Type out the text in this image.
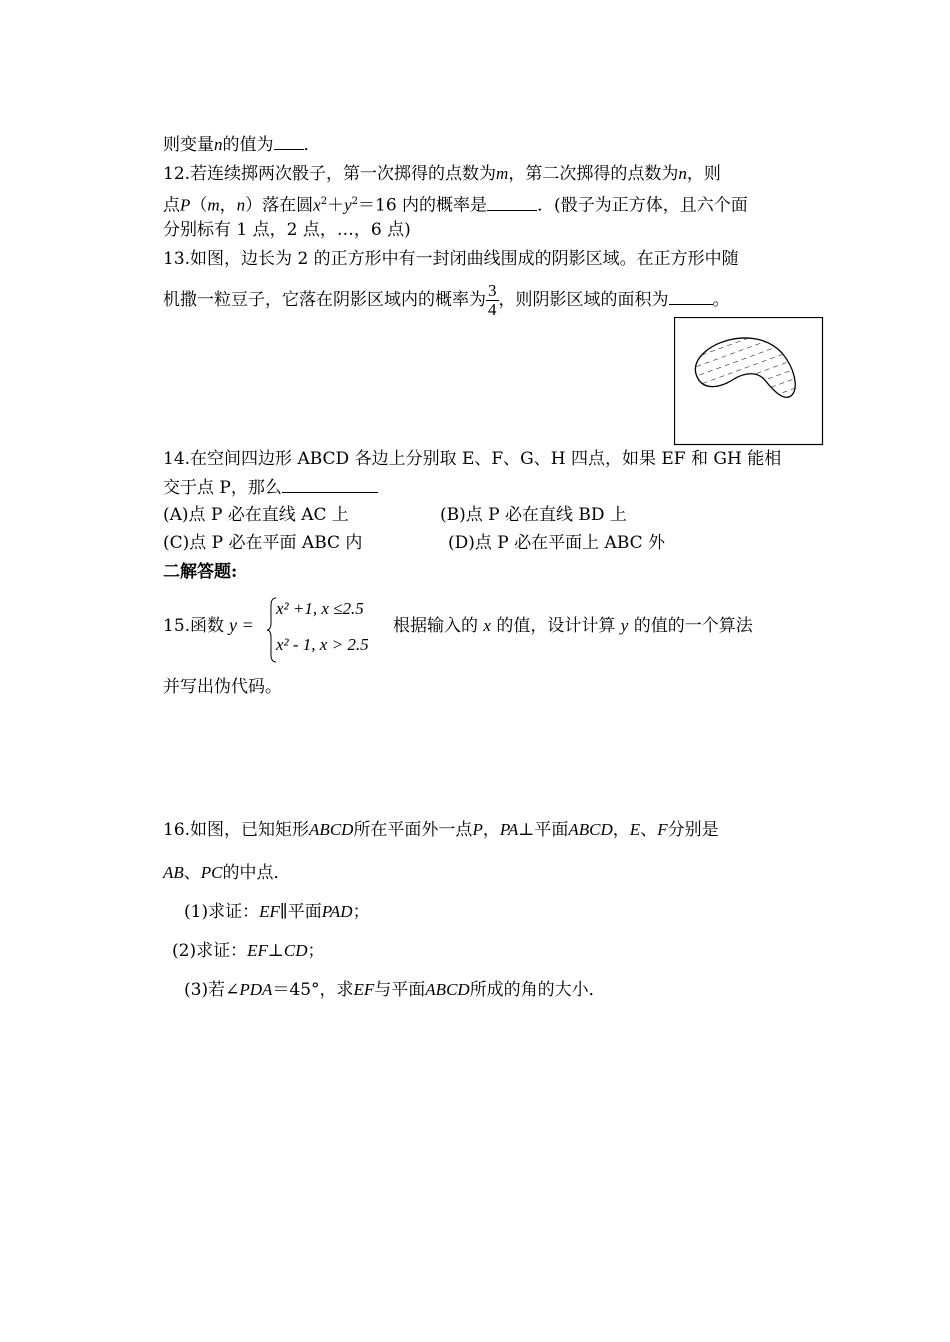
则变量n的值为 ．
12.若连续掷两次骰子，第一次掷得的点数为m，第二次掷得的点数为n，则
点P（m，n）落在圆$x^2+y^2=16$ 内的概率是	．(骰子为正方体，且六个面
分别标有 1 点，2 点，…，6 点)
13.如图，边长为 2 的正方形中有一封闭曲线围成的阴影区域。在正方形中随
机撒一粒豆子，它落在阴影区域内的概率为 $\frac{3}{4}$ ，则阴影区域的面积为	。
14.在空间四边形 ABCD 各边上分别取 E、F、G、H 四点，如果 EF 和 GH 能相
交于点 P，那么
(A)点 P 必在直线 AC 上	(B)点 P 必在直线 BD 上
(C)点 P 必在平面 ABC 内	(D)点 P 必在平面上 ABC 外
二解答题:
15.函数 y =
x² +1, x ≤2.5
x² - 1, x > 2.5
根据输入的 x 的值，设计计算 y 的值的一个算法
并写出伪代码。
16.如图，已知矩形ABCD所在平面外一点P，PA⊥平面ABCD，E、F分别是
AB、PC的中点．
(1)求证：EF∥平面PAD；
(2)求证：EF⊥CD；
(3)若∠PDA＝45°，求EF与平面ABCD所成的角的大小．
